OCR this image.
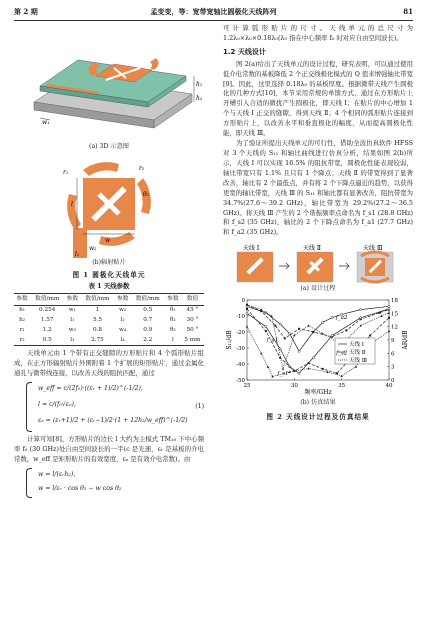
第 2 期	孟变变，等：宽带宽轴比圆极化天线阵列	81
h₁
h₂
w₁
(a) 3D 示意图
l
w
r₁
r₂
l₁
w₂
θ₂
(b)辐射贴片
图 1 圆极化天线单元
表 1 天线参数
参数	数值/mm	参数	数值/mm	参数	数值/mm	参数	数值
h₁	0.254	w₁	1	w₂	0.5	θ₁	45 °
h₂	1.57	l₁	5.5	l₂	0.7	θ₂	30 °
r₁	1.2	w₃	0.8	w₄	0.9	θ₃	50 °
r₂	0.5	l₃	2.75	l₄	2.2	l	5 mm
天线单元由 1 个带有正交缝隙的方形贴片和 4 个弧形贴片组成，在正方形辐射贴片外围附着 1 个扩展的矩形贴片，通过金属化通孔与微带线连接，以改善天线的阻抗匹配，通过
w_eff = c/(2f₀)·((εᵣ + 1)/2)^(-1/2)，
l = c/(f₀√εₑ)，
εₑ = (εᵣ+1)/2 + (εᵣ−1)/2·(1 + 12h₂/w_eff)^(-1/2)
(1)
计算可知[8]，方形贴片的边长 l 大约为主模式 TM₁₀ 下中心频率 f₀ (30 GHz)处自由空间波长的一半(c 是光速，εᵣ 是基板的介电常数，w_eff 是矩形贴片的有效宽度，εₑ 是有效介电常数)。由
w = l/(εᵣh₂)，
w = l/εᵣ · cos θ₂ − w cos θ₂
可计算弧形贴片的尺寸。天线单元的总尺寸为 1.2λ₀×λ₀×0.18λ₀(λ₀ 指在中心频率 f₀ 时对应自由空间波长)。
1.2 天线设计
图 2(a)给出了天线单元的设计过程，研究表明，可以通过使用低介电常数的基板降低 2 个正交线极化模式的 Q 值来增强轴比带宽[9]。因此，这里选择 0.18λ₀ 的基板厚度。根据微带天线产生圆极化的几种方式[10]，本节采用常规的单馈方式，通过在方形贴片上开槽引入合适的微扰产生圆极化，即天线 Ⅰ；在贴片的中心增加 1 个与天线 Ⅰ 正交的缝隙，得到天线 Ⅱ；4 个相同的弧形贴片连接到方形贴片上，以改善水平和垂直极化的幅度，从而提高圆极化性能，即天线 Ⅲ。
为了验证所提出天线单元的可行性，借助全波仿真软件 HFSS 对 3 个天线的 S₁₁ 和轴比曲线进行仿真分析，结果如图 2(b)所示，天线 Ⅰ 可以实现 16.5% 的阻抗带宽，圆极化性能表现较弱，轴比带宽只有 1.1% 且只有 1 个降点；天线 Ⅱ 的带宽得到了显著改善，轴比有 2 个最低点，并有将 2 个下降点逼近的趋势，以获得更宽的轴比带宽，天线 Ⅲ 的 S₁₁ 和轴比都有显著改善，阻抗带宽为 34.7%(27.6～39.2 GHz)，轴比带宽为 29.2%(27.2～36.5 GHz)。将天线 Ⅲ 产生的 2 个谐振频率点命名为 f_s1 (28.8 GHz) 和 f_s2 (35 GHz)，轴比的 2 个下降点命名为 f_a1 (27.7 GHz) 和 f_a2 (35 GHz)。
天线 Ⅰ	天线 Ⅱ	天线 Ⅲ
(a) 设计过程
25	30	35	40
0
-10
-20
-30
-40
-50	0
3
6
9
12
15
18
频率/GHz
S₁₁/dB	AR/dB
天线 Ⅰ
天线 Ⅱ
天线 Ⅲ
f_s1
f_s2
f_a1
f_a2
(b) 仿真结果
图 2 天线设计过程及仿真结果
